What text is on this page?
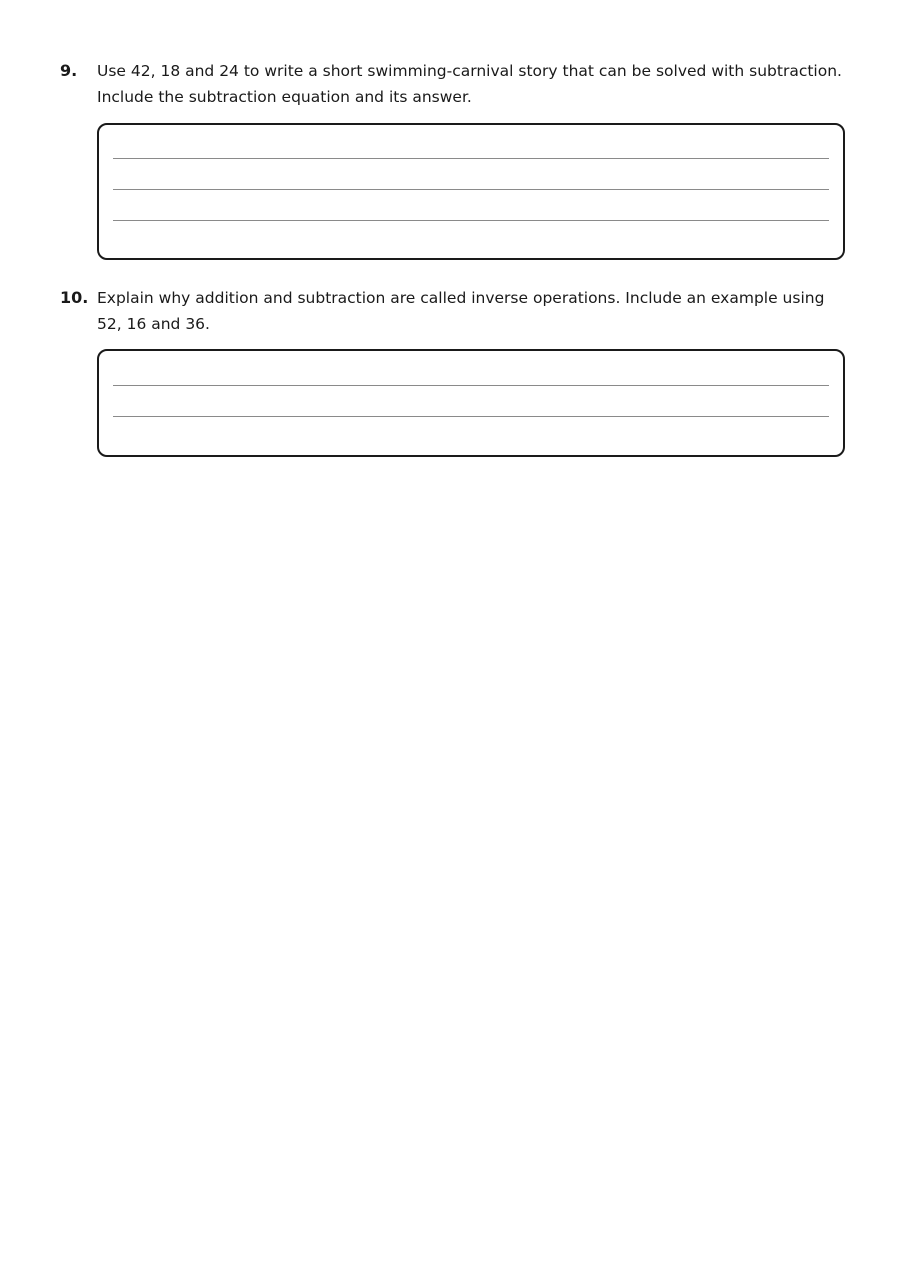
9.	Use 42, 18 and 24 to write a short swimming-carnival story that can be solved with subtraction. Include the subtraction equation and its answer.
10. Explain why addition and subtraction are called inverse operations. Include an example using 52, 16 and 36.
